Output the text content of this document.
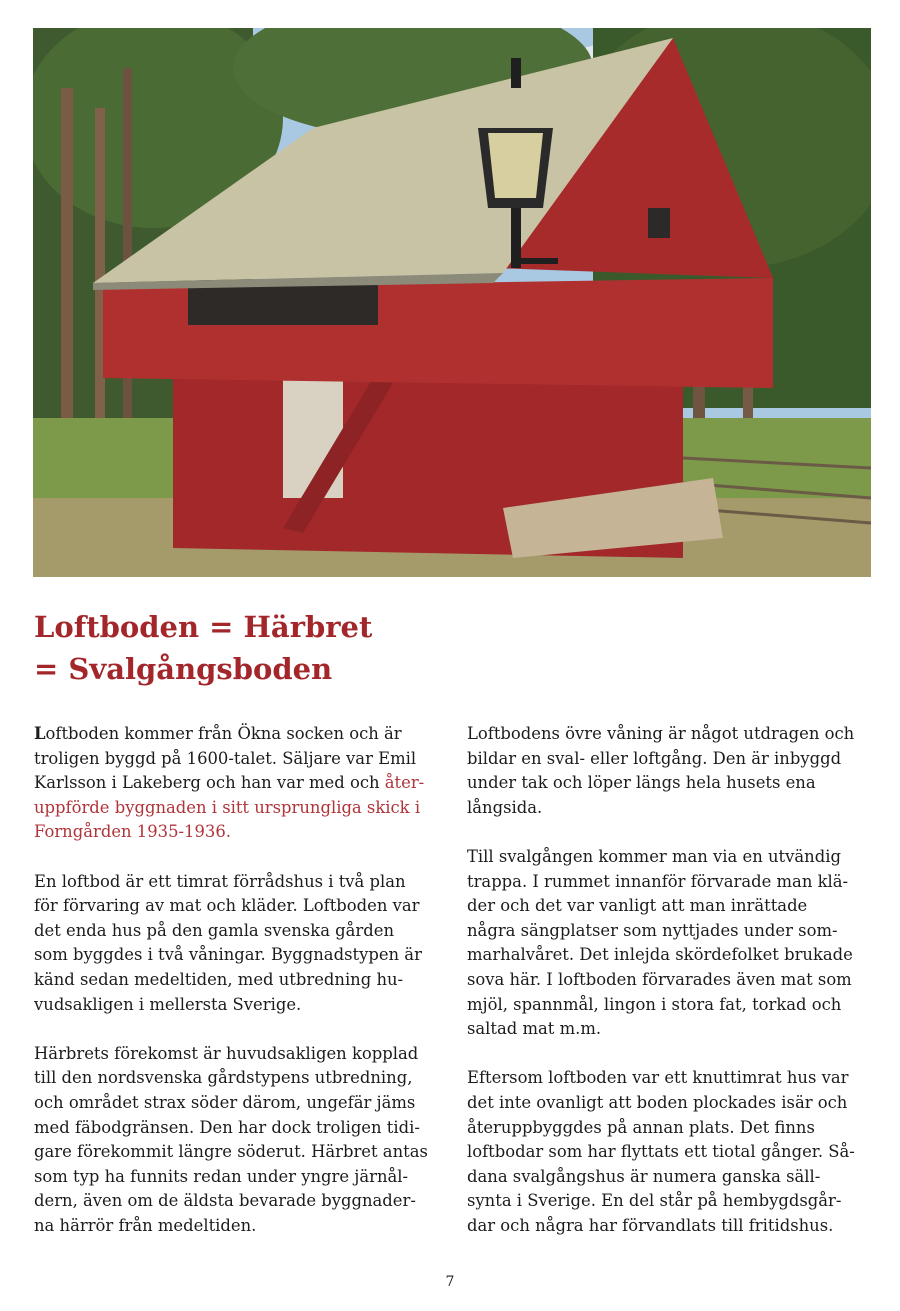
Loftboden = Härbret
= Svalgångsboden

Loftboden kommer från Ökna socken och är
troligen byggd på 1600-talet. Säljare var Emil
Karlsson i Lakeberg och han var med och åter-
uppförde byggnaden i sitt ursprungliga skick i
Forngården 1935-1936.

En loftbod är ett timrat förrådshus i två plan
för förvaring av mat och kläder. Loftboden var
det enda hus på den gamla svenska gården
som byggdes i två våningar. Byggnadstypen är
känd sedan medeltiden, med utbredning hu-
vudsakligen i mellersta Sverige.

Härbrets förekomst är huvudsakligen kopplad
till den nordsvenska gårdstypens utbredning,
och området strax söder därom, ungefär jäms
med fäbodgränsen. Den har dock troligen tidi-
gare förekommit längre söderut. Härbret antas
som typ ha funnits redan under yngre järnål-
dern, även om de äldsta bevarade byggnader-
na härrör från medeltiden.

Loftbodens övre våning är något utdragen och
bildar en sval- eller loftgång. Den är inbyggd
under tak och löper längs hela husets ena
långsida.

Till svalgången kommer man via en utvändig
trappa. I rummet innanför förvarade man klä-
der och det var vanligt att man inrättade
några sängplatser som nyttjades under som-
marhalvåret. Det inlejda skördefolket brukade
sova här. I loftboden förvarades även mat som
mjöl, spannmål, lingon i stora fat, torkad och
saltad mat m.m.

Eftersom loftboden var ett knuttimrat hus var
det inte ovanligt att boden plockades isär och
återuppbyggdes på annan plats. Det finns
loftbodar som har flyttats ett tiotal gånger. Så-
dana svalgångshus är numera ganska säll-
synta i Sverige. En del står på hembygdsgår-
dar och några har förvandlats till fritidshus.

7
